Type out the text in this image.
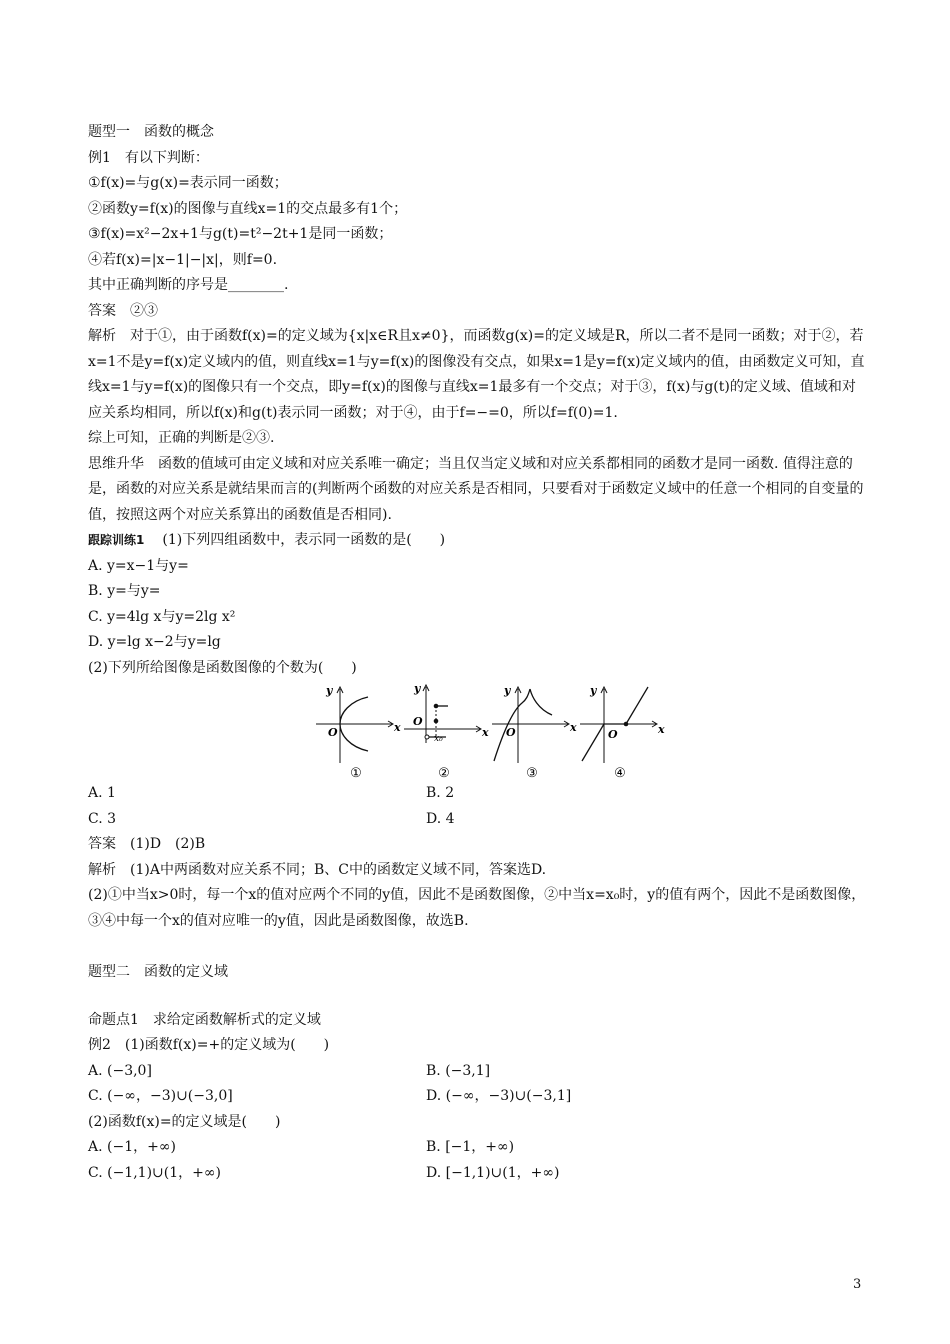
题型一　函数的概念
例1　有以下判断：
①f(x)=与g(x)=表示同一函数；
②函数y=f(x)的图像与直线x=1的交点最多有1个；
③f(x)=x²−2x+1与g(t)=t²−2t+1是同一函数；
④若f(x)=|x−1|−|x|，则f=0.
其中正确判断的序号是________.
答案　②③
解析　对于①，由于函数f(x)=的定义域为{x|x∈R且x≠0}，而函数g(x)=的定义域是R，所以二者不是同一函数；对于②，若x=1不是y=f(x)定义域内的值，则直线x=1与y=f(x)的图像没有交点，如果x=1是y=f(x)定义域内的值，由函数定义可知，直线x=1与y=f(x)的图像只有一个交点，即y=f(x)的图像与直线x=1最多有一个交点；对于③，f(x)与g(t)的定义域、值域和对应关系均相同，所以f(x)和g(t)表示同一函数；对于④，由于f=−=0，所以f=f(0)=1.
综上可知，正确的判断是②③.
思维升华　函数的值域可由定义域和对应关系唯一确定；当且仅当定义域和对应关系都相同的函数才是同一函数. 值得注意的是，函数的对应关系是就结果而言的(判断两个函数的对应关系是否相同，只要看对于函数定义域中的任意一个相同的自变量的值，按照这两个对应关系算出的函数值是否相同).
跟踪训练1 (1)下列四组函数中，表示同一函数的是(　　)
A. y=x−1与y=
B. y=与y=
C. y=4lg x与y=2lg x²
D. y=lg x−2与y=lg
(2)下列所给图像是函数图像的个数为(　　)
y
x
O
①
y
x
O
x₀
②
y
x
O
③
y
x
O
④
A. 1	B. 2
C. 3	D. 4
答案　(1)D　(2)B
解析　(1)A中两函数对应关系不同；B、C中的函数定义域不同，答案选D.
(2)①中当x>0时，每一个x的值对应两个不同的y值，因此不是函数图像，②中当x=x₀时，y的值有两个，因此不是函数图像，③④中每一个x的值对应唯一的y值，因此是函数图像，故选B.
题型二　函数的定义域
命题点1　求给定函数解析式的定义域
例2　(1)函数f(x)=+的定义域为(　　)
A. (−3,0]	B. (−3,1]
C. (−∞，−3)∪(−3,0]	D. (−∞，−3)∪(−3,1]
(2)函数f(x)=的定义域是(　　)
A. (−1，+∞)	B. [−1，+∞)
C. (−1,1)∪(1，+∞)	D. [−1,1)∪(1，+∞)
3
